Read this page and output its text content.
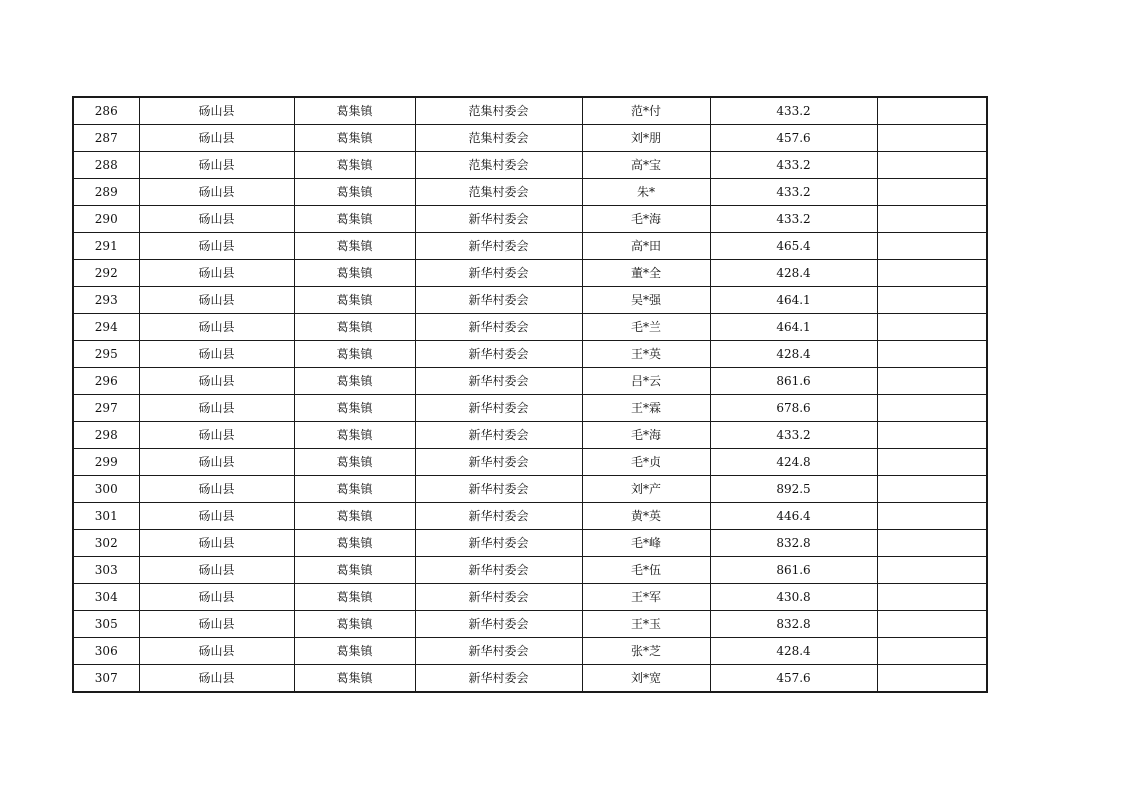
286	砀山县	葛集镇	范集村委会	范*付	433.2	
287	砀山县	葛集镇	范集村委会	刘*朋	457.6	
288	砀山县	葛集镇	范集村委会	高*宝	433.2	
289	砀山县	葛集镇	范集村委会	朱*	433.2	
290	砀山县	葛集镇	新华村委会	毛*海	433.2	
291	砀山县	葛集镇	新华村委会	高*田	465.4	
292	砀山县	葛集镇	新华村委会	董*全	428.4	
293	砀山县	葛集镇	新华村委会	吴*强	464.1	
294	砀山县	葛集镇	新华村委会	毛*兰	464.1	
295	砀山县	葛集镇	新华村委会	王*英	428.4	
296	砀山县	葛集镇	新华村委会	吕*云	861.6	
297	砀山县	葛集镇	新华村委会	王*霖	678.6	
298	砀山县	葛集镇	新华村委会	毛*海	433.2	
299	砀山县	葛集镇	新华村委会	毛*贞	424.8	
300	砀山县	葛集镇	新华村委会	刘*产	892.5	
301	砀山县	葛集镇	新华村委会	黄*英	446.4	
302	砀山县	葛集镇	新华村委会	毛*峰	832.8	
303	砀山县	葛集镇	新华村委会	毛*伍	861.6	
304	砀山县	葛集镇	新华村委会	王*军	430.8	
305	砀山县	葛集镇	新华村委会	王*玉	832.8	
306	砀山县	葛集镇	新华村委会	张*芝	428.4	
307	砀山县	葛集镇	新华村委会	刘*宽	457.6	
